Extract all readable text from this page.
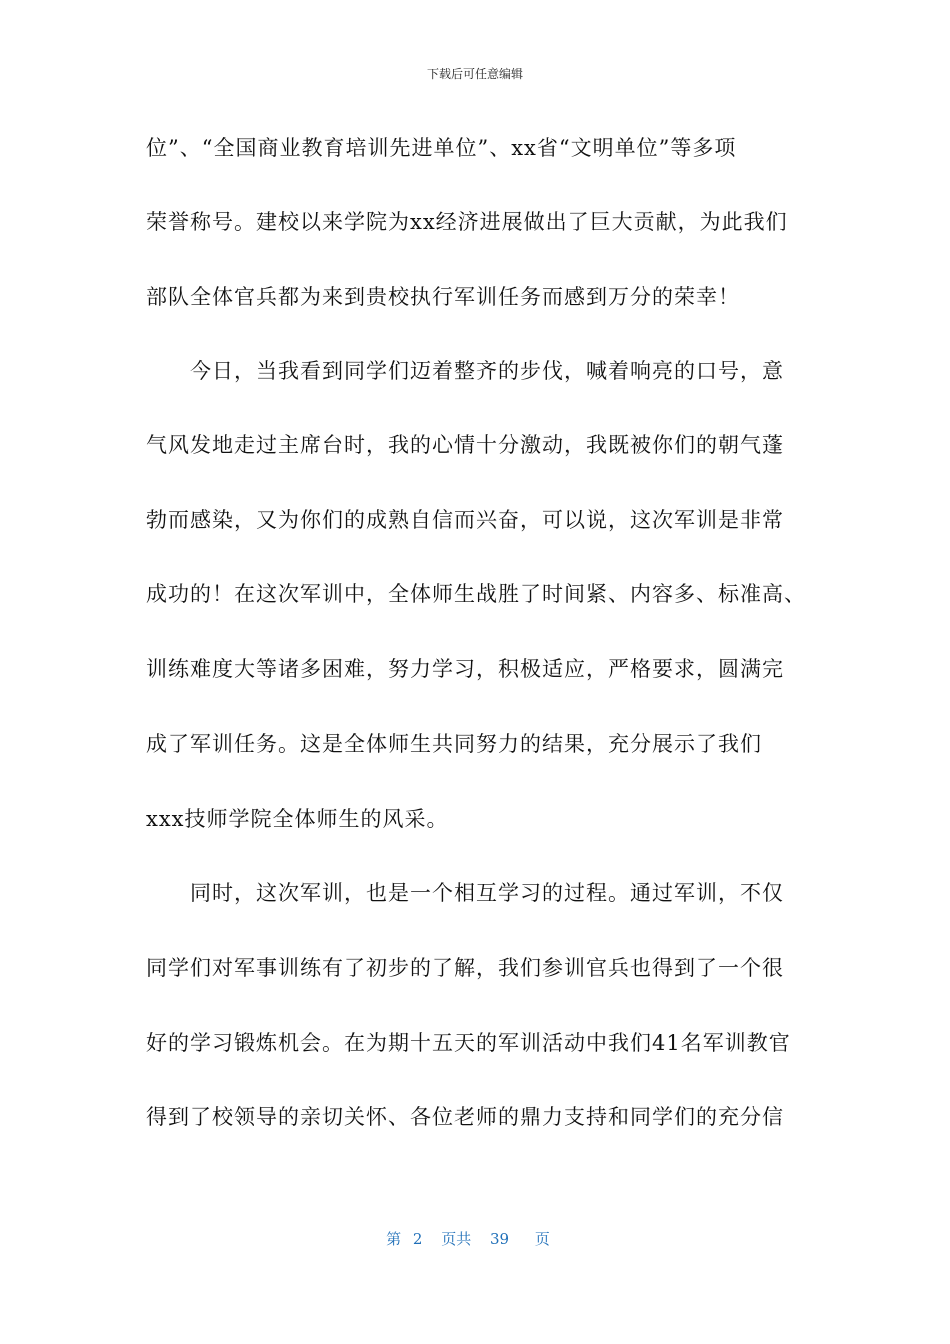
下载后可任意编辑
位”、“全国商业教育培训先进单位”、xx省“文明单位”等多项
荣誉称号。建校以来学院为xx经济进展做出了巨大贡献，为此我们
部队全体官兵都为来到贵校执行军训任务而感到万分的荣幸！
今日，当我看到同学们迈着整齐的步伐，喊着响亮的口号，意
气风发地走过主席台时，我的心情十分激动，我既被你们的朝气蓬
勃而感染，又为你们的成熟自信而兴奋，可以说，这次军训是非常
成功的！在这次军训中，全体师生战胜了时间紧、内容多、标准高、
训练难度大等诸多困难，努力学习，积极适应，严格要求，圆满完
成了军训任务。这是全体师生共同努力的结果，充分展示了我们
xxx技师学院全体师生的风采。
同时，这次军训，也是一个相互学习的过程。通过军训，不仅
同学们对军事训练有了初步的了解，我们参训官兵也得到了一个很
好的学习锻炼机会。在为期十五天的军训活动中我们41名军训教官
得到了校领导的亲切关怀、各位老师的鼎力支持和同学们的充分信
第 2 页共 39 页
